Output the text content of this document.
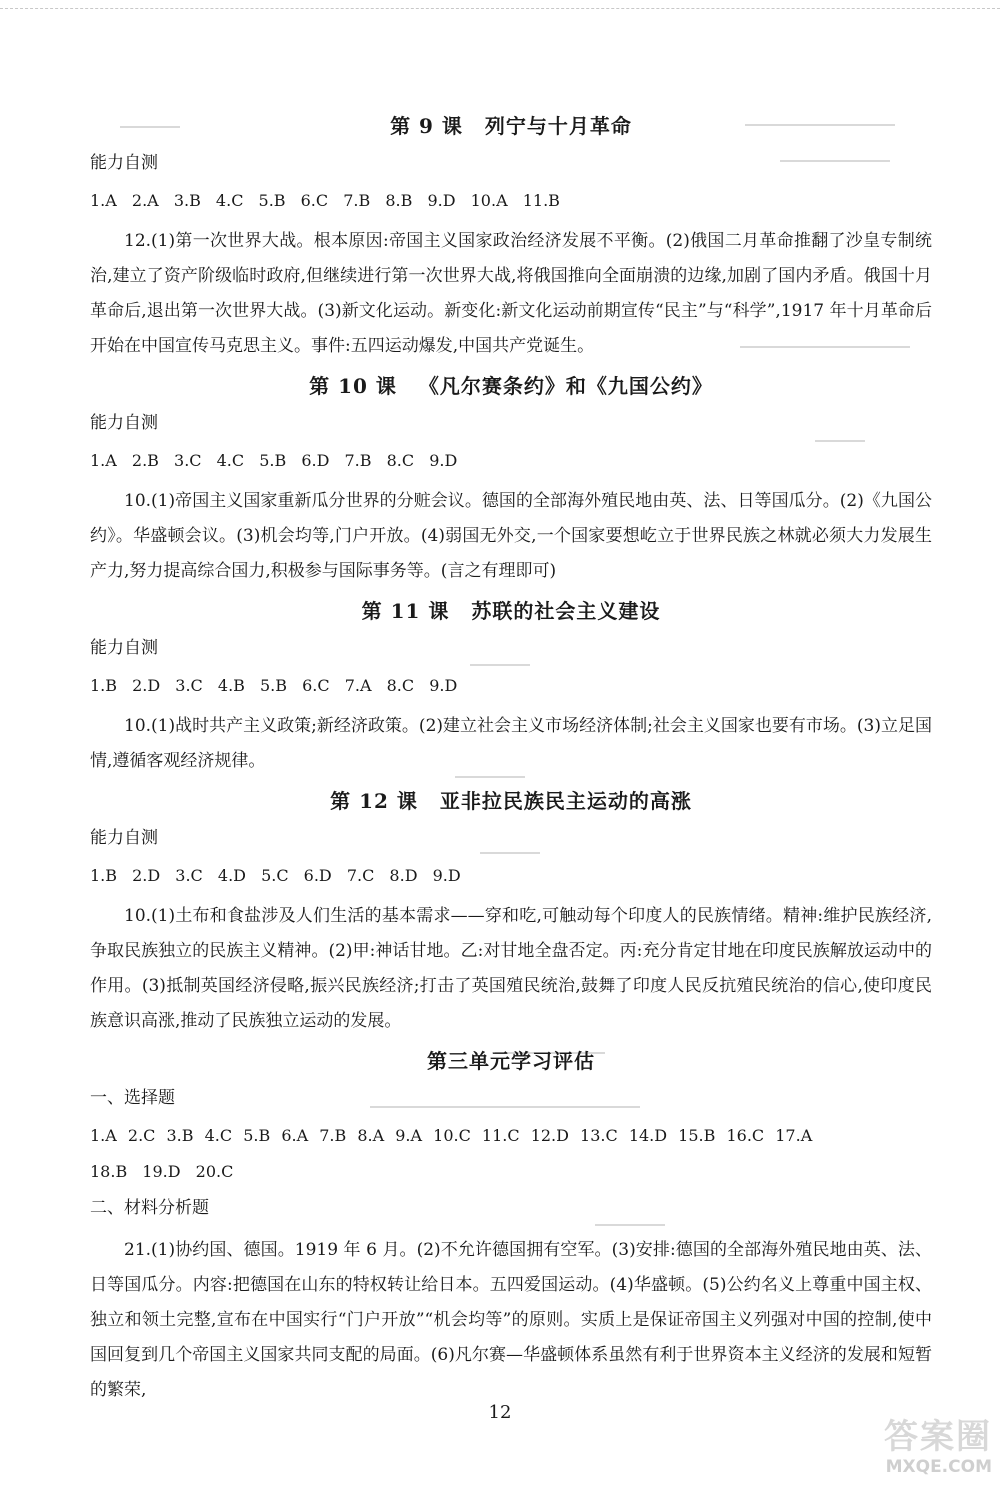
第 9 课 列宁与十月革命
能力自测
1.A 2.A 3.B 4.C 5.B 6.C 7.B 8.B 9.D 10.A 11.B
12.(1)第一次世界大战。根本原因:帝国主义国家政治经济发展不平衡。(2)俄国二月革命推翻了沙皇专制统治,建立了资产阶级临时政府,但继续进行第一次世界大战,将俄国推向全面崩溃的边缘,加剧了国内矛盾。俄国十月革命后,退出第一次世界大战。(3)新文化运动。新变化:新文化运动前期宣传“民主”与“科学”,1917 年十月革命后开始在中国宣传马克思主义。事件:五四运动爆发,中国共产党诞生。
第 10 课 《凡尔赛条约》和《九国公约》
能力自测
1.A 2.B 3.C 4.C 5.B 6.D 7.B 8.C 9.D
10.(1)帝国主义国家重新瓜分世界的分赃会议。德国的全部海外殖民地由英、法、日等国瓜分。(2)《九国公约》。华盛顿会议。(3)机会均等,门户开放。(4)弱国无外交,一个国家要想屹立于世界民族之林就必须大力发展生产力,努力提高综合国力,积极参与国际事务等。(言之有理即可)
第 11 课 苏联的社会主义建设
能力自测
1.B 2.D 3.C 4.B 5.B 6.C 7.A 8.C 9.D
10.(1)战时共产主义政策;新经济政策。(2)建立社会主义市场经济体制;社会主义国家也要有市场。(3)立足国情,遵循客观经济规律。
第 12 课 亚非拉民族民主运动的高涨
能力自测
1.B 2.D 3.C 4.D 5.C 6.D 7.C 8.D 9.D
10.(1)土布和食盐涉及人们生活的基本需求——穿和吃,可触动每个印度人的民族情绪。精神:维护民族经济,争取民族独立的民族主义精神。(2)甲:神话甘地。乙:对甘地全盘否定。丙:充分肯定甘地在印度民族解放运动中的作用。(3)抵制英国经济侵略,振兴民族经济;打击了英国殖民统治,鼓舞了印度人民反抗殖民统治的信心,使印度民族意识高涨,推动了民族独立运动的发展。
第三单元学习评估
一、选择题
1.A 2.C 3.B 4.C 5.B 6.A 7.B 8.A 9.A 10.C 11.C 12.D 13.C 14.D 15.B 16.C 17.A
18.B 19.D 20.C
二、材料分析题
21.(1)协约国、德国。1919 年 6 月。(2)不允许德国拥有空军。(3)安排:德国的全部海外殖民地由英、法、日等国瓜分。内容:把德国在山东的特权转让给日本。五四爱国运动。(4)华盛顿。(5)公约名义上尊重中国主权、独立和领土完整,宣布在中国实行“门户开放”“机会均等”的原则。实质上是保证帝国主义列强对中国的控制,使中国回复到几个帝国主义国家共同支配的局面。(6)凡尔赛—华盛顿体系虽然有利于世界资本主义经济的发展和短暂的繁荣,
12
答案圈
MXQE.COM
